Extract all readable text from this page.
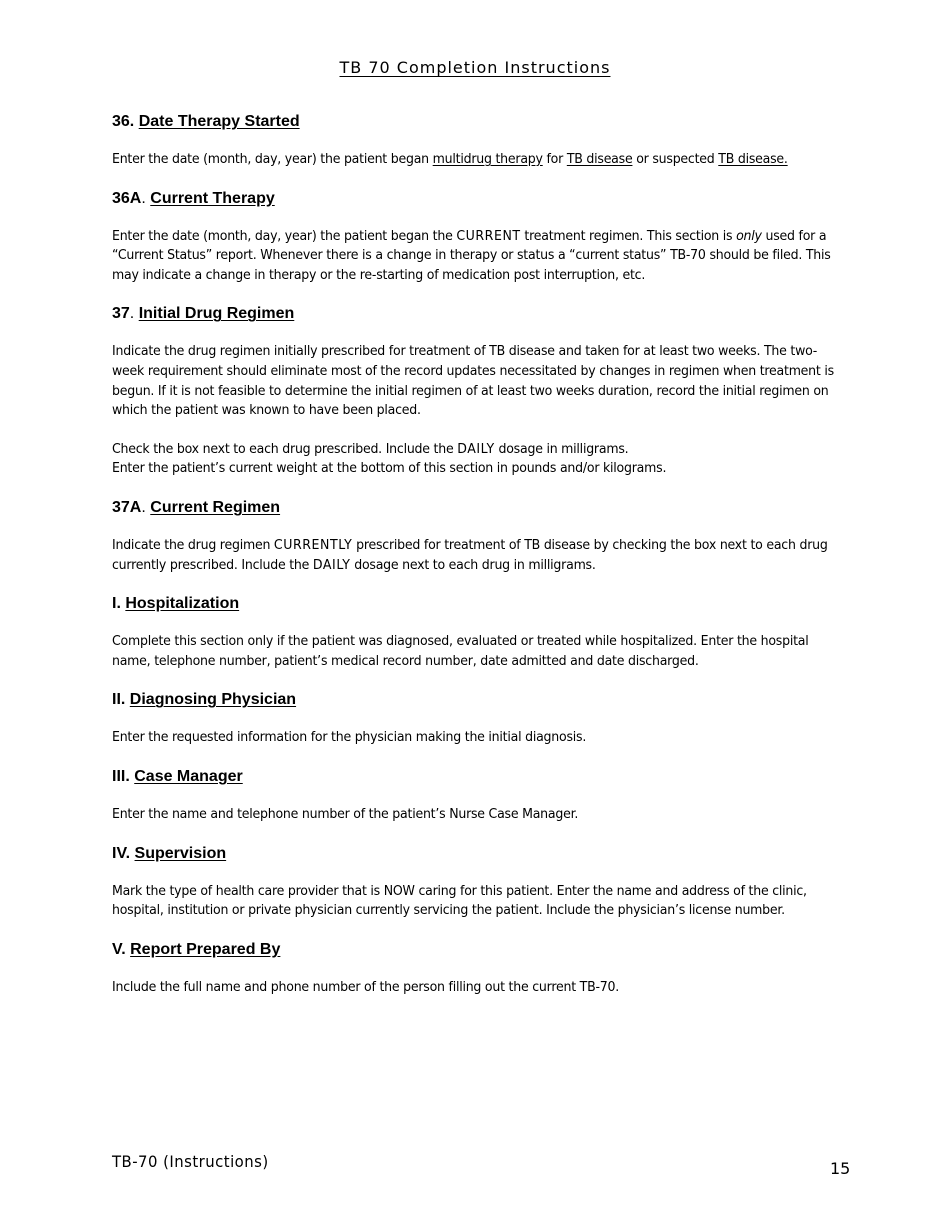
TB 70 Completion Instructions
36. Date Therapy Started
Enter the date (month, day, year) the patient began multidrug therapy for TB disease or suspected TB disease.
36A. Current Therapy
Enter the date (month, day, year) the patient began the CURRENT treatment regimen. This section is only used for a “Current Status” report. Whenever there is a change in therapy or status a “current status” TB-70 should be filed. This may indicate a change in therapy or the re-starting of medication post interruption, etc.
37. Initial Drug Regimen
Indicate the drug regimen initially prescribed for treatment of TB disease and taken for at least two weeks. The two-week requirement should eliminate most of the record updates necessitated by changes in regimen when treatment is begun. If it is not feasible to determine the initial regimen of at least two weeks duration, record the initial regimen on which the patient was known to have been placed.
Check the box next to each drug prescribed. Include the DAILY dosage in milligrams.
Enter the patient’s current weight at the bottom of this section in pounds and/or kilograms.
37A. Current Regimen
Indicate the drug regimen CURRENTLY prescribed for treatment of TB disease by checking the box next to each drug currently prescribed. Include the DAILY dosage next to each drug in milligrams.
I. Hospitalization
Complete this section only if the patient was diagnosed, evaluated or treated while hospitalized. Enter the hospital name, telephone number, patient’s medical record number, date admitted and date discharged.
II. Diagnosing Physician
Enter the requested information for the physician making the initial diagnosis.
III. Case Manager
Enter the name and telephone number of the patient’s Nurse Case Manager.
IV. Supervision
Mark the type of health care provider that is NOW caring for this patient. Enter the name and address of the clinic, hospital, institution or private physician currently servicing the patient. Include the physician’s license number.
V. Report Prepared By
Include the full name and phone number of the person filling out the current TB-70.
TB-70 (Instructions)	15
